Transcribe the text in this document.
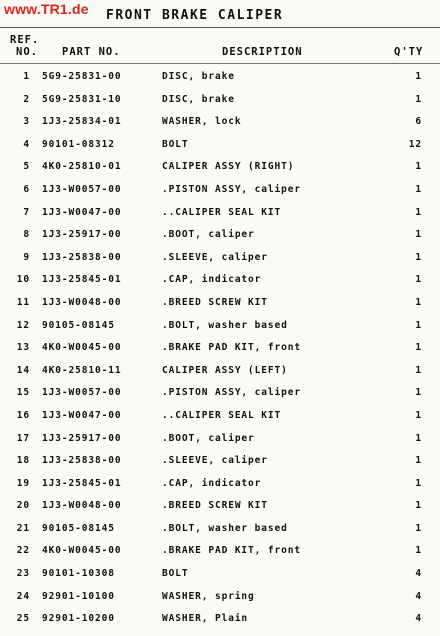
www.TR1.de FRONT BRAKE CALIPER
REF.
NO. PART NO.	DESCRIPTION	Q'TY
1 5G9-25831-00	DISC, brake	1
2 5G9-25831-10	DISC, brake	1
3 1J3-25834-01	WASHER, lock	6
4 90101-08312	BOLT	12
5 4K0-25810-01	CALIPER ASSY (RIGHT)	1
6 1J3-W0057-00	.PISTON ASSY, caliper	1
7 1J3-W0047-00	..CALIPER SEAL KIT	1
8 1J3-25917-00	.BOOT, caliper	1
9 1J3-25838-00	.SLEEVE, caliper	1
10 1J3-25845-01	.CAP, indicator	1
11 1J3-W0048-00	.BREED SCREW KIT	1
12 90105-08145	.BOLT, washer based	1
13 4K0-W0045-00	.BRAKE PAD KIT, front	1
14 4K0-25810-11	CALIPER ASSY (LEFT)	1
15 1J3-W0057-00	.PISTON ASSY, caliper	1
16 1J3-W0047-00	..CALIPER SEAL KIT	1
17 1J3-25917-00	.BOOT, caliper	1
18 1J3-25838-00	.SLEEVE, caliper	1
19 1J3-25845-01	.CAP, indicator	1
20 1J3-W0048-00	.BREED SCREW KIT	1
21 90105-08145	.BOLT, washer based	1
22 4K0-W0045-00	.BRAKE PAD KIT, front	1
23 90101-10308	BOLT	4
24 92901-10100	WASHER, spring	4
25 92901-10200	WASHER, Plain	4
